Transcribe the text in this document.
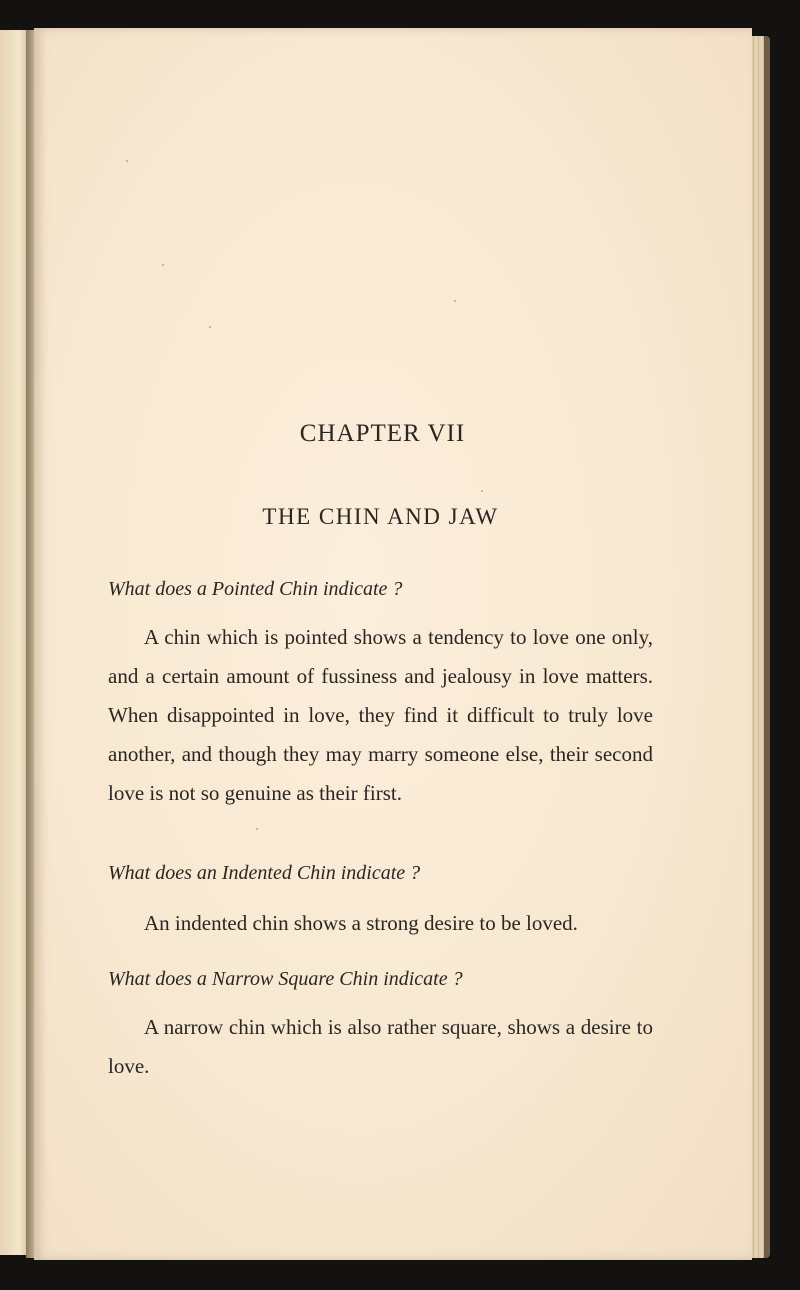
CHAPTER VII
THE CHIN AND JAW

What does a Pointed Chin indicate ?

A chin which is pointed shows a tendency to love one only, and a certain amount of fussiness and jealousy in love matters. When disappointed in love, they find it difficult to truly love another, and though they may marry someone else, their second love is not so genuine as their first.

What does an Indented Chin indicate ?

An indented chin shows a strong desire to be loved.

What does a Narrow Square Chin indicate ?

A narrow chin which is also rather square, shows a desire to love.
